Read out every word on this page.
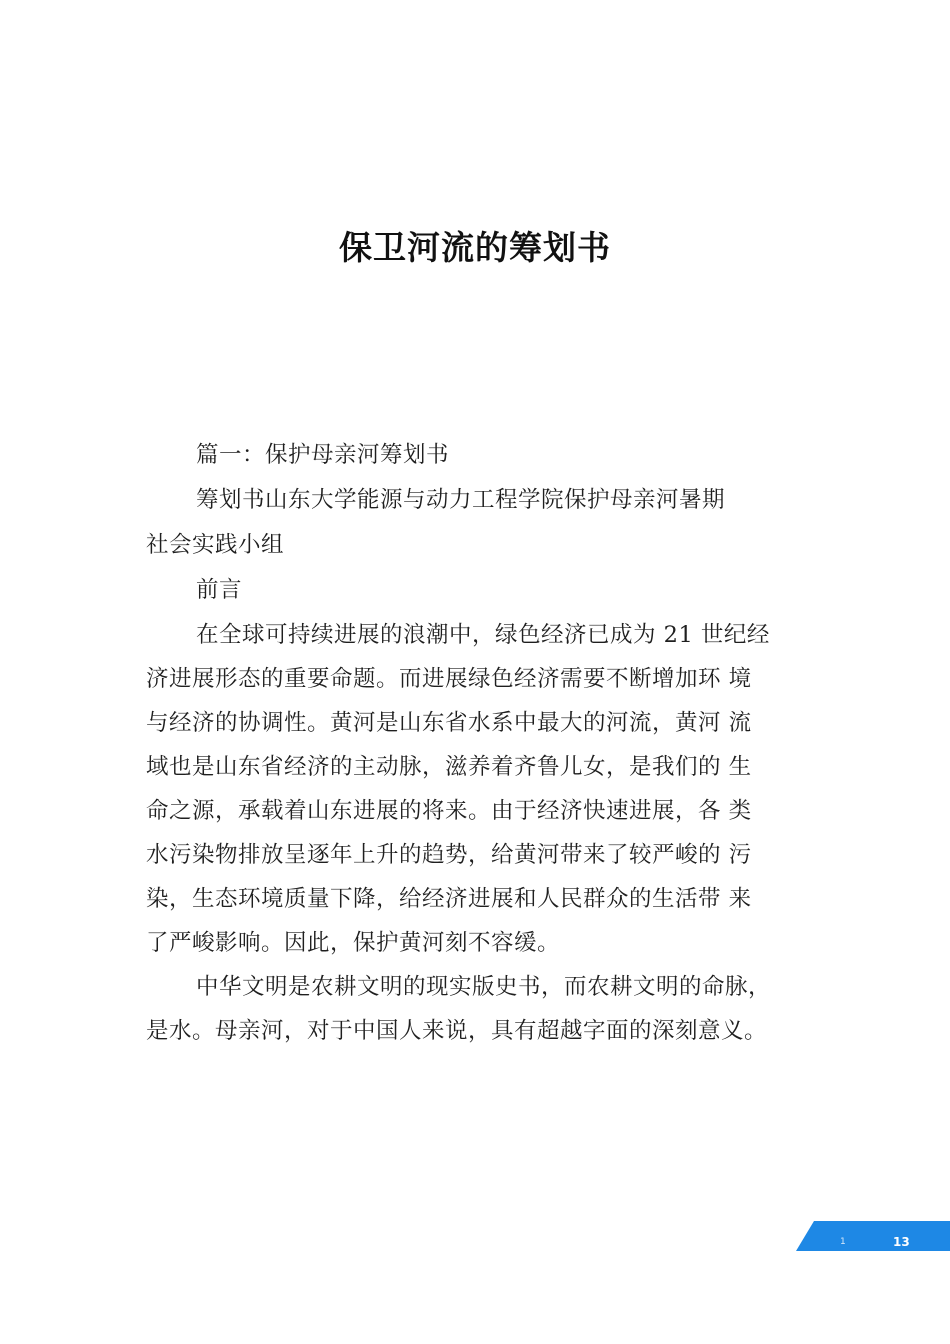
保卫河流的筹划书
篇一：保护母亲河筹划书
筹划书山东大学能源与动力工程学院保护母亲河暑期
社会实践小组
前言
在全球可持续进展的浪潮中，绿色经济已成为 21 世纪经
济进展形态的重要命题。而进展绿色经济需要不断增加环 境
与经济的协调性。黄河是山东省水系中最大的河流，黄河 流
域也是山东省经济的主动脉，滋养着齐鲁儿女，是我们的 生
命之源，承载着山东进展的将来。由于经济快速进展，各 类
水污染物排放呈逐年上升的趋势，给黄河带来了较严峻的 污
染，生态环境质量下降，给经济进展和人民群众的生活带 来
了严峻影响。因此，保护黄河刻不容缓。
中华文明是农耕文明的现实版史书，而农耕文明的命脉，
是水。母亲河，对于中国人来说，具有超越字面的深刻意义。
1	13
